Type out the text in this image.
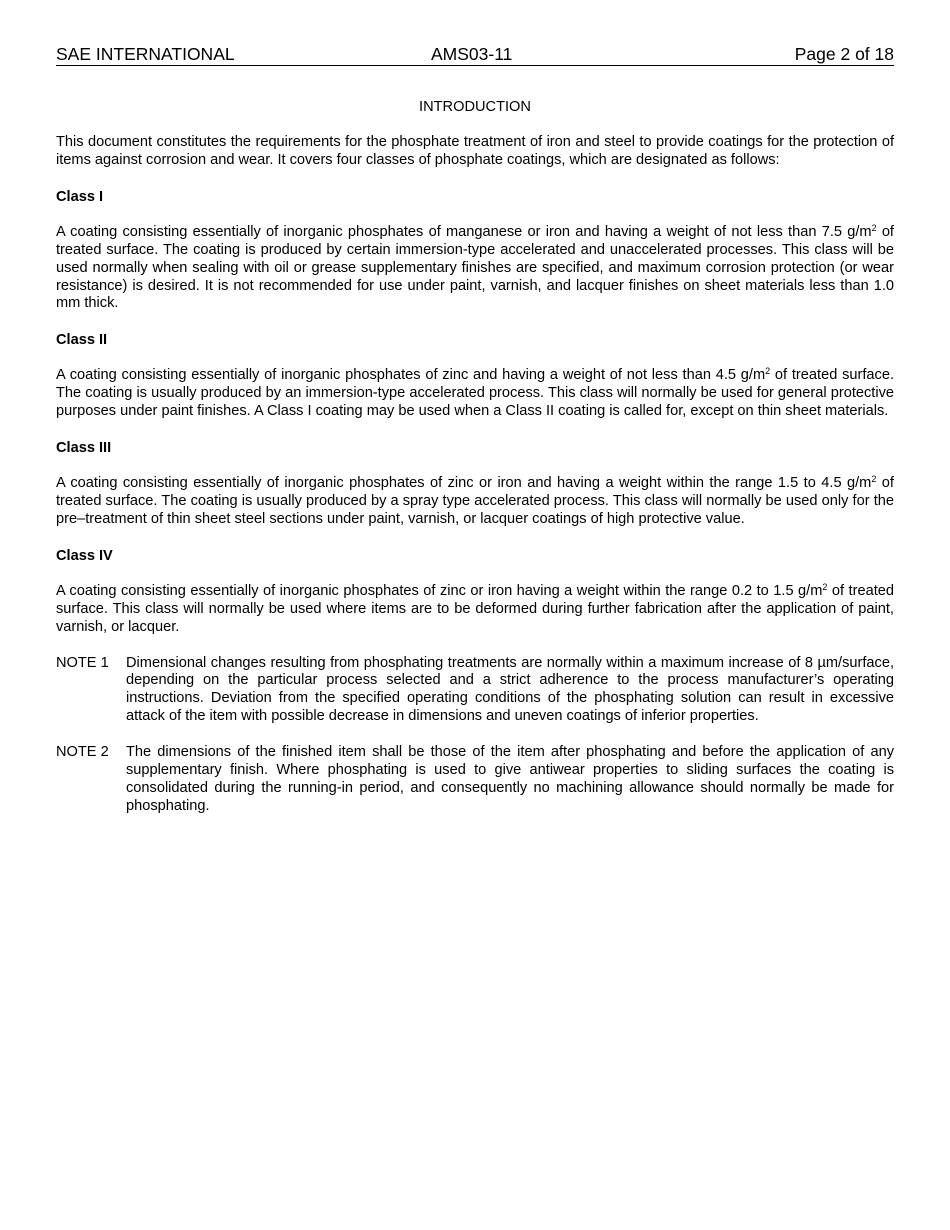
SAE INTERNATIONAL	AMS03-11	Page 2 of 18
INTRODUCTION

This document constitutes the requirements for the phosphate treatment of iron and steel to provide coatings for the protection of items against corrosion and wear. It covers four classes of phosphate coatings, which are designated as follows:

Class I

A coating consisting essentially of inorganic phosphates of manganese or iron and having a weight of not less than 7.5 $g/m^2$ of treated surface. The coating is produced by certain immersion-type accelerated and unaccelerated processes. This class will be used normally when sealing with oil or grease supplementary finishes are specified, and maximum corrosion protection (or wear resistance) is desired. It is not recommended for use under paint, varnish, and lacquer finishes on sheet materials less than 1.0 mm thick.

Class II

A coating consisting essentially of inorganic phosphates of zinc and having a weight of not less than 4.5 $g/m^2$ of treated surface. The coating is usually produced by an immersion-type accelerated process. This class will normally be used for general protective purposes under paint finishes. A Class I coating may be used when a Class II coating is called for, except on thin sheet materials.

Class III

A coating consisting essentially of inorganic phosphates of zinc or iron and having a weight within the range 1.5 to 4.5 $g/m^2$ of treated surface. The coating is usually produced by a spray type accelerated process. This class will normally be used only for the pre–treatment of thin sheet steel sections under paint, varnish, or lacquer coatings of high protective value.

Class IV

A coating consisting essentially of inorganic phosphates of zinc or iron having a weight within the range 0.2 to 1.5 $g/m^2$ of treated surface. This class will normally be used where items are to be deformed during further fabrication after the application of paint, varnish, or lacquer.

NOTE 1 Dimensional changes resulting from phosphating treatments are normally within a maximum increase of 8 µm/surface, depending on the particular process selected and a strict adherence to the process manufacturer’s operating instructions. Deviation from the specified operating conditions of the phosphating solution can result in excessive attack of the item with possible decrease in dimensions and uneven coatings of inferior properties.

NOTE 2 The dimensions of the finished item shall be those of the item after phosphating and before the application of any supplementary finish. Where phosphating is used to give antiwear properties to sliding surfaces the coating is consolidated during the running-in period, and consequently no machining allowance should normally be made for phosphating.
